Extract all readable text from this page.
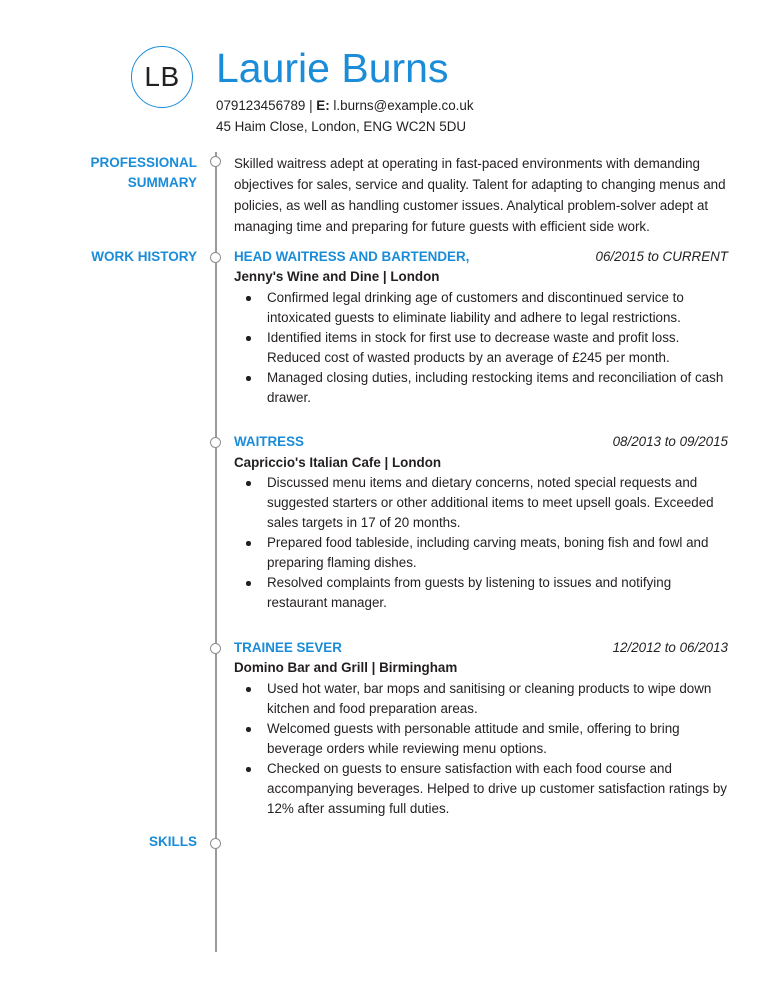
LB Laurie Burns
079123456789 | E: l.burns@example.co.uk
45 Haim Close, London, ENG WC2N 5DU
PROFESSIONAL
SUMMARY
WORK HISTORY
SKILLS
Skilled waitress adept at operating in fast-paced environments with demanding objectives for sales, service and quality. Talent for adapting to changing menus and policies, as well as handling customer issues. Analytical problem-solver adept at managing time and preparing for future guests with efficient side work.
HEAD WAITRESS AND BARTENDER,	06/2015 to CURRENT
Jenny's Wine and Dine | London
Confirmed legal drinking age of customers and discontinued service to intoxicated guests to eliminate liability and adhere to legal restrictions.
Identified items in stock for first use to decrease waste and profit loss. Reduced cost of wasted products by an average of £245 per month.
Managed closing duties, including restocking items and reconciliation of cash drawer.
WAITRESS	08/2013 to 09/2015
Capriccio's Italian Cafe | London
Discussed menu items and dietary concerns, noted special requests and suggested starters or other additional items to meet upsell goals. Exceeded sales targets in 17 of 20 months.
Prepared food tableside, including carving meats, boning fish and fowl and preparing flaming dishes.
Resolved complaints from guests by listening to issues and notifying restaurant manager.
TRAINEE SEVER	12/2012 to 06/2013
Domino Bar and Grill | Birmingham
Used hot water, bar mops and sanitising or cleaning products to wipe down kitchen and food preparation areas.
Welcomed guests with personable attitude and smile, offering to bring beverage orders while reviewing menu options.
Checked on guests to ensure satisfaction with each food course and accompanying beverages. Helped to drive up customer satisfaction ratings by 12% after assuming full duties.
